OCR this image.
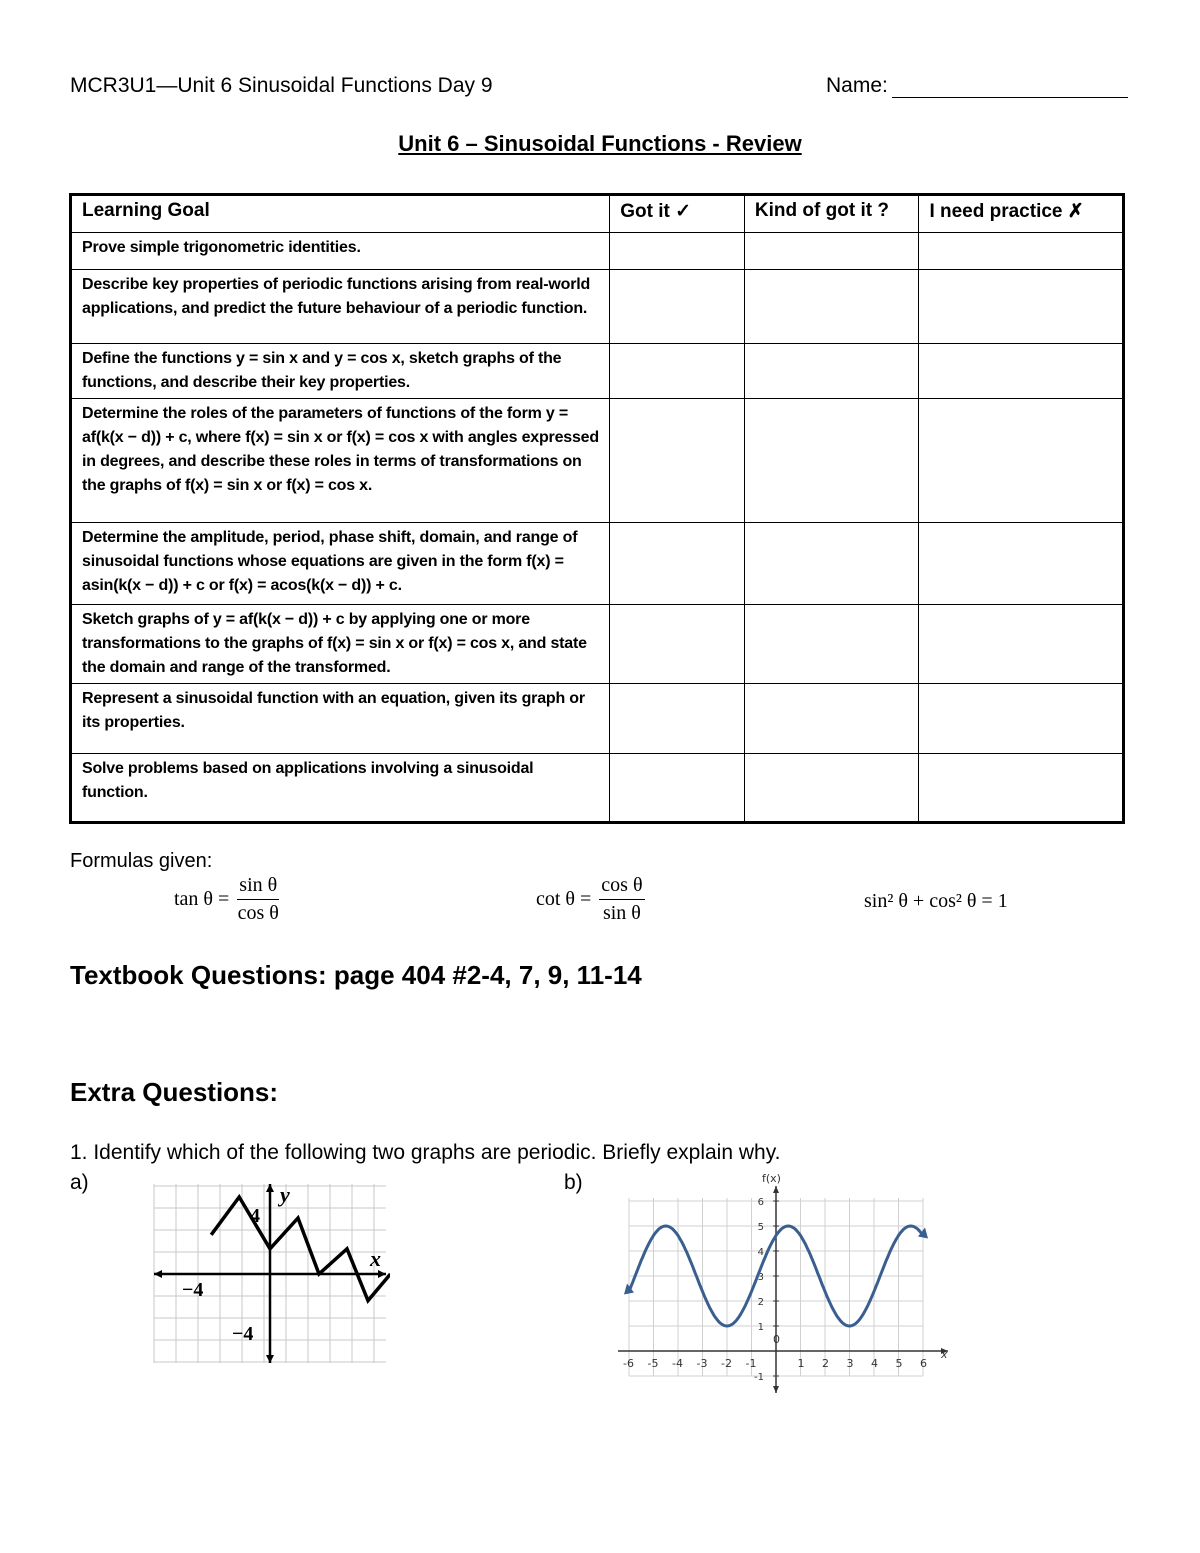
MCR3U1—Unit 6 Sinusoidal Functions Day 9	Name:
Unit 6 – Sinusoidal Functions - Review
Learning Goal	Got it ✓	Kind of got it ?	I need practice ✗
Prove simple trigonometric identities.			
Describe key properties of periodic functions arising from real-world applications, and predict the future behaviour of a periodic function.			
Define the functions y = sin x and y = cos x, sketch graphs of the functions, and describe their key properties.			
Determine the roles of the parameters of functions of the form y = af(k(x − d)) + c, where f(x) = sin x or f(x) = cos x with angles expressed in degrees, and describe these roles in terms of transformations on the graphs of f(x) = sin x or f(x) = cos x.			
Determine the amplitude, period, phase shift, domain, and range of sinusoidal functions whose equations are given in the form f(x) = asin(k(x − d)) + c or f(x) = acos(k(x − d)) + c.			
Sketch graphs of y = af(k(x − d)) + c by applying one or more transformations to the graphs of f(x) = sin x or f(x) = cos x, and state the domain and range of the transformed.			
Represent a sinusoidal function with an equation, given its graph or its properties.			
Solve problems based on applications involving a sinusoidal function.			
Formulas given:
$\tan \theta = \frac{\text{sin θ}}{\text{cos θ}}$	$\cot \theta = \frac{\text{cos θ}}{\text{sin θ}}$	sin² θ + cos² θ = 1
Textbook Questions: page 404 #2-4, 7, 9, 11-14
Extra Questions:
1. Identify which of the following two graphs are periodic. Briefly explain why.
a)	b)
y
x
4
−4
−4
-6 -5 -4 -3 -2 -1
0
1 2 3 4 5 6
-1
1
2
3
4
5
6
f(x)
x
